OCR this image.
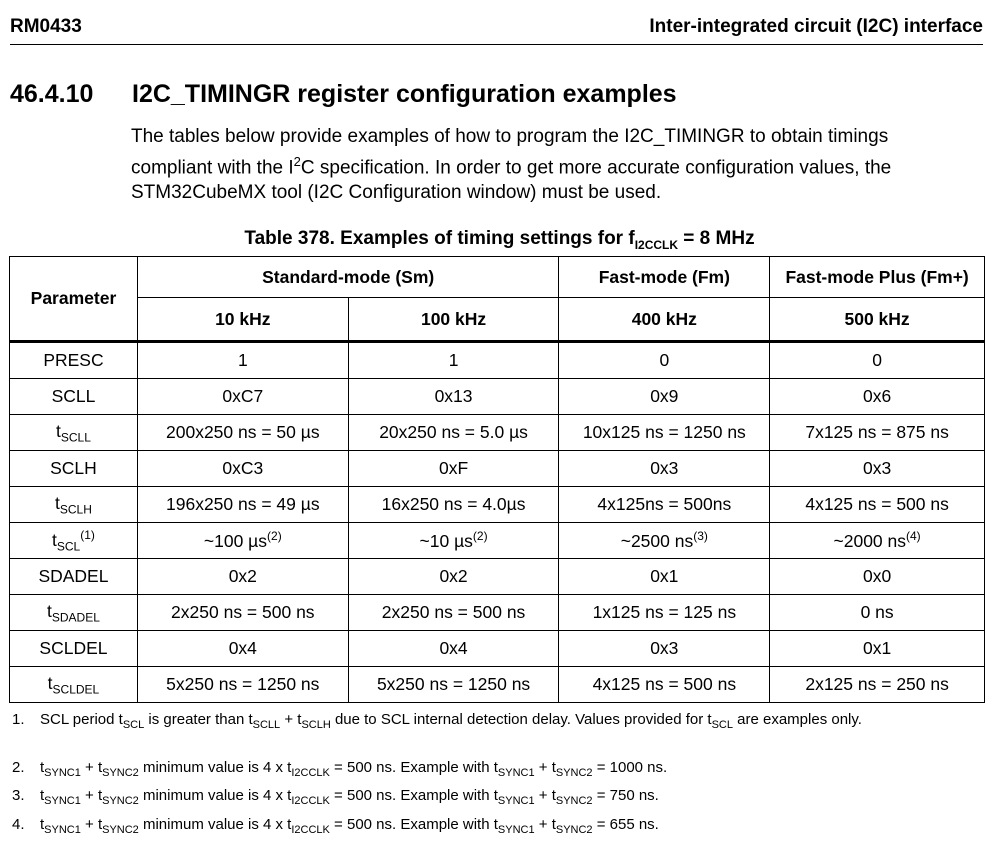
RM0433	Inter-integrated circuit (I2C) interface
46.4.10 I2C_TIMINGR register configuration examples
The tables below provide examples of how to program the I2C_TIMINGR to obtain timings
compliant with the $I^2C$ specification. In order to get more accurate configuration values, the
STM32CubeMX tool (I2C Configuration window) must be used.
Table 378. Examples of timing settings for $f_{I2CCLK} = 8$ MHz
Parameter	Standard-mode (Sm)		Fast-mode (Fm)	Fast-mode Plus (Fm+)
	10 kHz	100 kHz	400 kHz	500 kHz
PRESC	1	1	0	0
SCLL	0xC7	0x13	0x9	0x6
$t_{SCLL}$	200x250 ns = 50 µs	20x250 ns = 5.0 µs	10x125 ns = 1250 ns	7x125 ns = 875 ns
SCLH	0xC3	0xF	0x3	0x3
$t_{SCLH}$	196x250 ns = 49 µs	16x250 ns = 4.0µs	4x125ns = 500ns	4x125 ns = 500 ns
$t_{SCL}^{(1)}$	~100 µs$^{(2)}$	~10 µs$^{(2)}$	~2500 $ns^{(3)}$	~2000 $ns^{(4)}$
SDADEL	0x2	0x2	0x1	0x0
$t_{SDADEL}$	2x250 ns = 500 ns	2x250 ns = 500 ns	1x125 ns = 125 ns	0 ns
SCLDEL	0x4	0x4	0x3	0x1
$t_{SCLDEL}$	5x250 ns = 1250 ns	5x250 ns = 1250 ns	4x125 ns = 500 ns	2x125 ns = 250 ns
1. SCL period $t_{SCL}$ is greater than $t_{SCLL} + t_{SCLH}$ due to SCL internal detection delay. Values provided for $t_{SCL}$ are examples only.
2. $t_{SYNC1} + t_{SYNC2}$ minimum value is 4 x $t_{I2CCLK} = 500$ ns. Example with $t_{SYNC1} + t_{SYNC2} = 1000$ ns.
3. $t_{SYNC1} + t_{SYNC2}$ minimum value is 4 x $t_{I2CCLK} = 500$ ns. Example with $t_{SYNC1} + t_{SYNC2} = 750$ ns.
4. $t_{SYNC1} + t_{SYNC2}$ minimum value is 4 x $t_{I2CCLK} = 500$ ns. Example with $t_{SYNC1} + t_{SYNC2} = 655$ ns.
